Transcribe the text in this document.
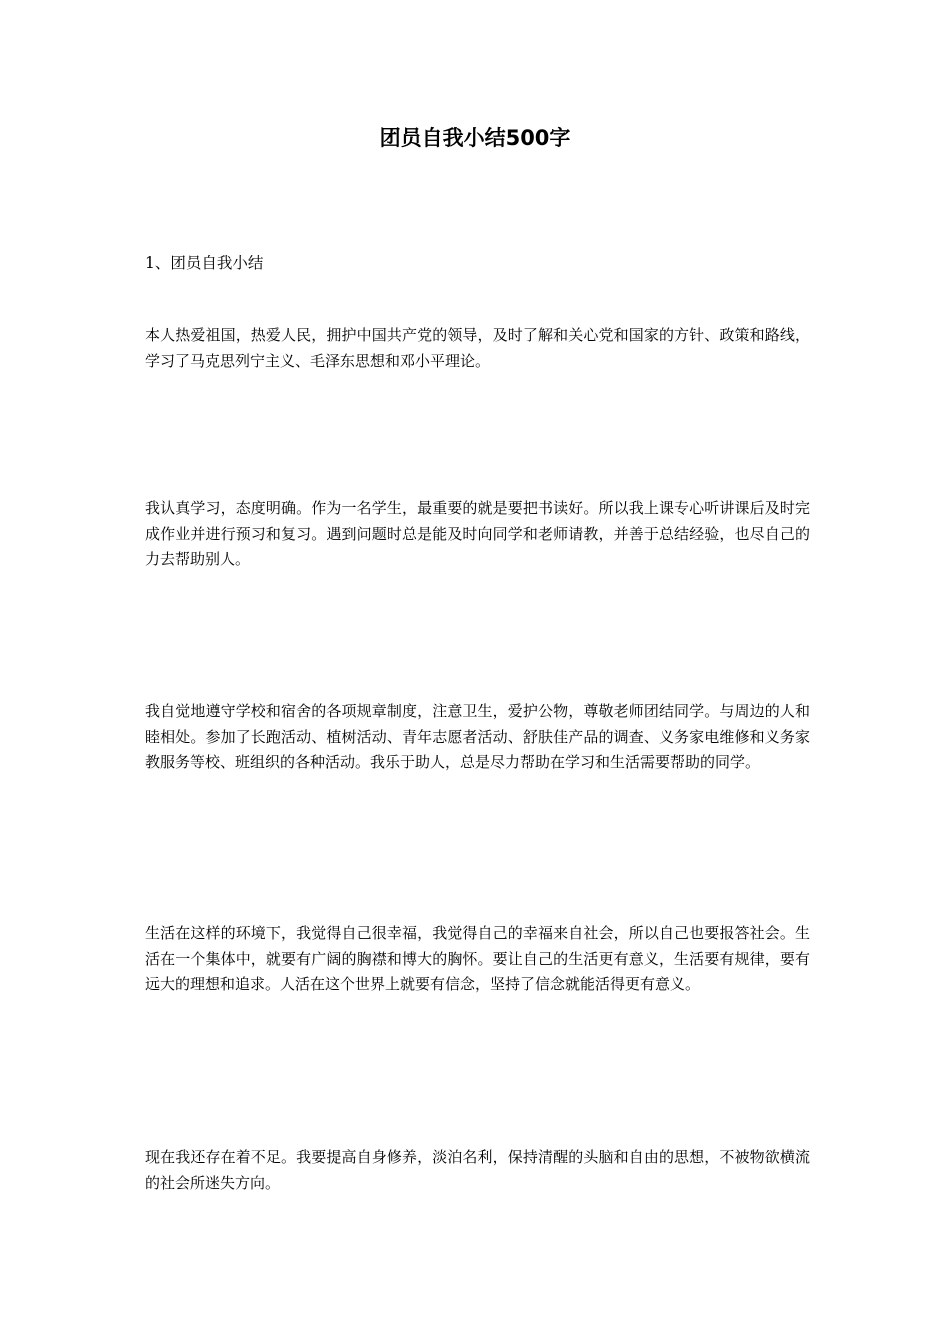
团员自我小结500字
1、团员自我小结
本人热爱祖国，热爱人民，拥护中国共产党的领导，及时了解和关心党和国家的方针、政策和路线，学习了马克思列宁主义、毛泽东思想和邓小平理论。
我认真学习，态度明确。作为一名学生，最重要的就是要把书读好。所以我上课专心听讲课后及时完成作业并进行预习和复习。遇到问题时总是能及时向同学和老师请教，并善于总结经验，也尽自己的力去帮助别人。
我自觉地遵守学校和宿舍的各项规章制度，注意卫生，爱护公物，尊敬老师团结同学。与周边的人和睦相处。参加了长跑活动、植树活动、青年志愿者活动、舒肤佳产品的调查、义务家电维修和义务家教服务等校、班组织的各种活动。我乐于助人，总是尽力帮助在学习和生活需要帮助的同学。
生活在这样的环境下，我觉得自己很幸福，我觉得自己的幸福来自社会，所以自己也要报答社会。生活在一个集体中，就要有广阔的胸襟和博大的胸怀。要让自己的生活更有意义，生活要有规律，要有远大的理想和追求。人活在这个世界上就要有信念，坚持了信念就能活得更有意义。
现在我还存在着不足。我要提高自身修养，淡泊名利，保持清醒的头脑和自由的思想，不被物欲横流的社会所迷失方向。
